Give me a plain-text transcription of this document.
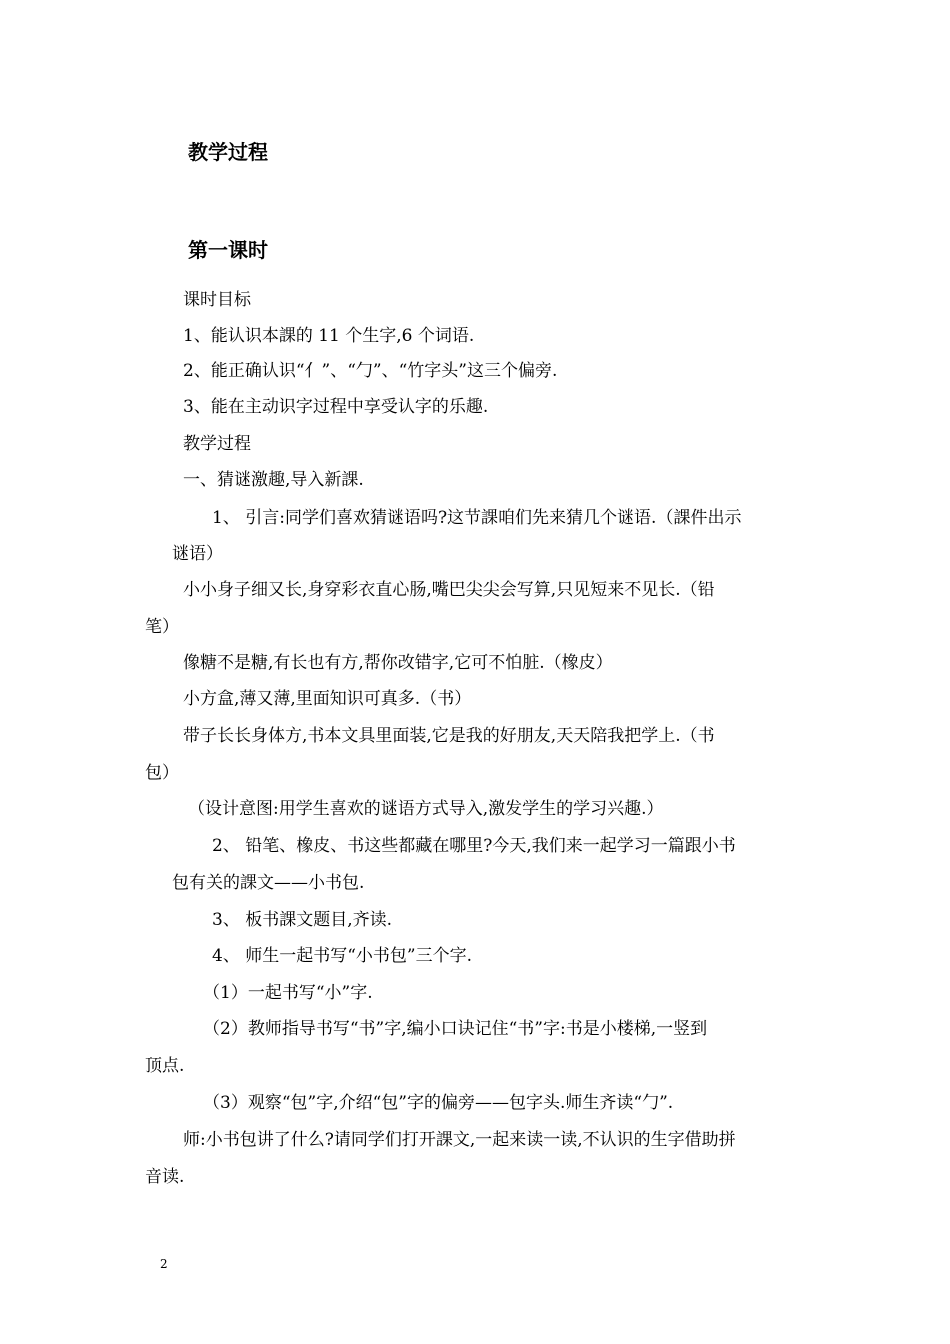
教学过程
第一课时

课时目标

1、能认识本課的 11 个生字,6 个词语.

2、能正确认识“亻”、“勹”、“竹字头”这三个偏旁.

3、能在主动识字过程中享受认字的乐趣.

教学过程

一、猜谜激趣,导入新課.

1、 引言:同学们喜欢猜谜语吗?这节課咱们先来猜几个谜语.（課件出示

谜语）

小小身子细又长,身穿彩衣直心肠,嘴巴尖尖会写算,只见短来不见长.（铅

笔）

像糖不是糖,有长也有方,帮你改错字,它可不怕脏.（橡皮）

小方盒,薄又薄,里面知识可真多.（书）

带子长长身体方,书本文具里面装,它是我的好朋友,天天陪我把学上.（书

包）

（设计意图:用学生喜欢的谜语方式导入,激发学生的学习兴趣.）

2、 铅笔、橡皮、书这些都藏在哪里?今天,我们来一起学习一篇跟小书

包有关的課文——小书包.

3、 板书課文题目,齐读.

4、 师生一起书写“小书包”三个字.

（1）一起书写“小”字.

（2）教师指导书写“书”字,编小口诀记住“书”字:书是小楼梯,一竖到

顶点.

（3）观察“包”字,介绍“包”字的偏旁——包字头.师生齐读“勹”.

师:小书包讲了什么?请同学们打开課文,一起来读一读,不认识的生字借助拼

音读.

2
